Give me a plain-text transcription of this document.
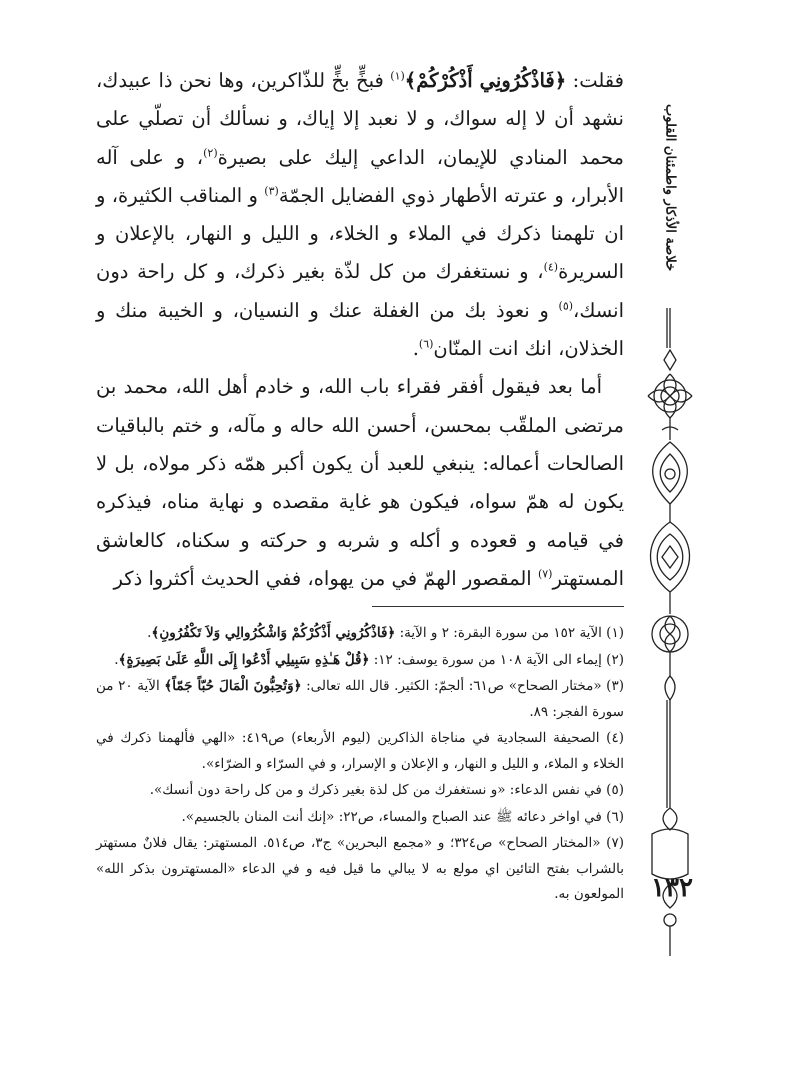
خلاصة الأذكار واطمئنان القلوب
١٣٢

فقلت: ﴿فَاذْكُرُونِي أَذْكُرْكُمْ﴾$^{(١)}$ فبخٍّ بخٍّ للذّاكرين، وها نحن ذا عبيدك، نشهد أن لا إله سواك، و لا نعبد إلا إياك، و نسألك أن تصلّي على محمد المنادي للإيمان، الداعي إليك على بصيرة$^{(٢)}$، و على آله الأبرار، و عترته الأطهار ذوي الفضايل الجمّة$^{(٣)}$ و المناقب الكثيرة، و ان تلهمنا ذكرك في الملاء و الخلاء، و الليل و النهار، بالإعلان و السريرة$^{(٤)}$، و نستغفرك من كل لذّة بغير ذكرك، و كل راحة دون انسك،$^{(٥)}$ و نعوذ بك من الغفلة عنك و النسيان، و الخيبة منك و الخذلان، انك انت المنّان$^{(٦)}$.

أما بعد فيقول أفقر فقراء باب الله، و خادم أهل الله، محمد بن مرتضى الملقّب بمحسن، أحسن الله حاله و مآله، و ختم بالباقيات الصالحات أعماله: ينبغي للعبد أن يكون أكبر همّه ذكر مولاه، بل لا يكون له همّ سواه، فيكون هو غاية مقصده و نهاية مناه، فيذكره في قيامه و قعوده و أكله و شربه و حركته و سكناه، كالعاشق المستهتر$^{(٧)}$ المقصور الهمّ في من يهواه، ففي الحديث أكثروا ذكر

(١) الآية ١٥٢ من سورة البقرة: ٢ و الآية: ﴿فَاذْكُرُونِي أَذْكُرْكُمْ وَاشْكُرُوالِي وَلاَ تَكْفُرُونِ﴾.

(٢) إيماء الى الآية ١٠٨ من سورة يوسف: ١٢: ﴿قُلْ هَـٰذِهِ سَبِيلِي أَدْعُوا إِلَى اللَّهِ عَلَىٰ بَصِيرَةٍ﴾.

(٣) «مختار الصحاح» ص٦١: ألجمّ: الكثير. قال الله تعالى: ﴿وَتُحِبُّونَ الْمَالَ حُبّاً جَمّاً﴾ الآية ٢٠ من سورة الفجر: ٨٩.

(٤) الصحيفة السجادية في مناجاة الذاكرين (ليوم الأربعاء) ص٤١٩: «الهي فألهمنا ذكرك في الخلاء و الملاء، و الليل و النهار، و الإعلان و الإسرار، و في السرّاء و الضرّاء».

(٥) في نفس الدعاء: «و نستغفرك من كل لذة بغير ذكرك و من كل راحة دون أنسك».

(٦) في اواخر دعائه ﷺ عند الصباح والمساء، ص٢٢: «إنك أنت المنان بالجسيم».

(٧) «المختار الصحاح» ص٣٢٤؛ و «مجمع البحرين» ج٣، ص٥١٤. المستهتر: يقال فلانٌ مستهتر بالشراب بفتح التائين اي مولع به لا يبالي ما قيل فيه و في الدعاء «المستهترون بذكر الله» المولعون به.
